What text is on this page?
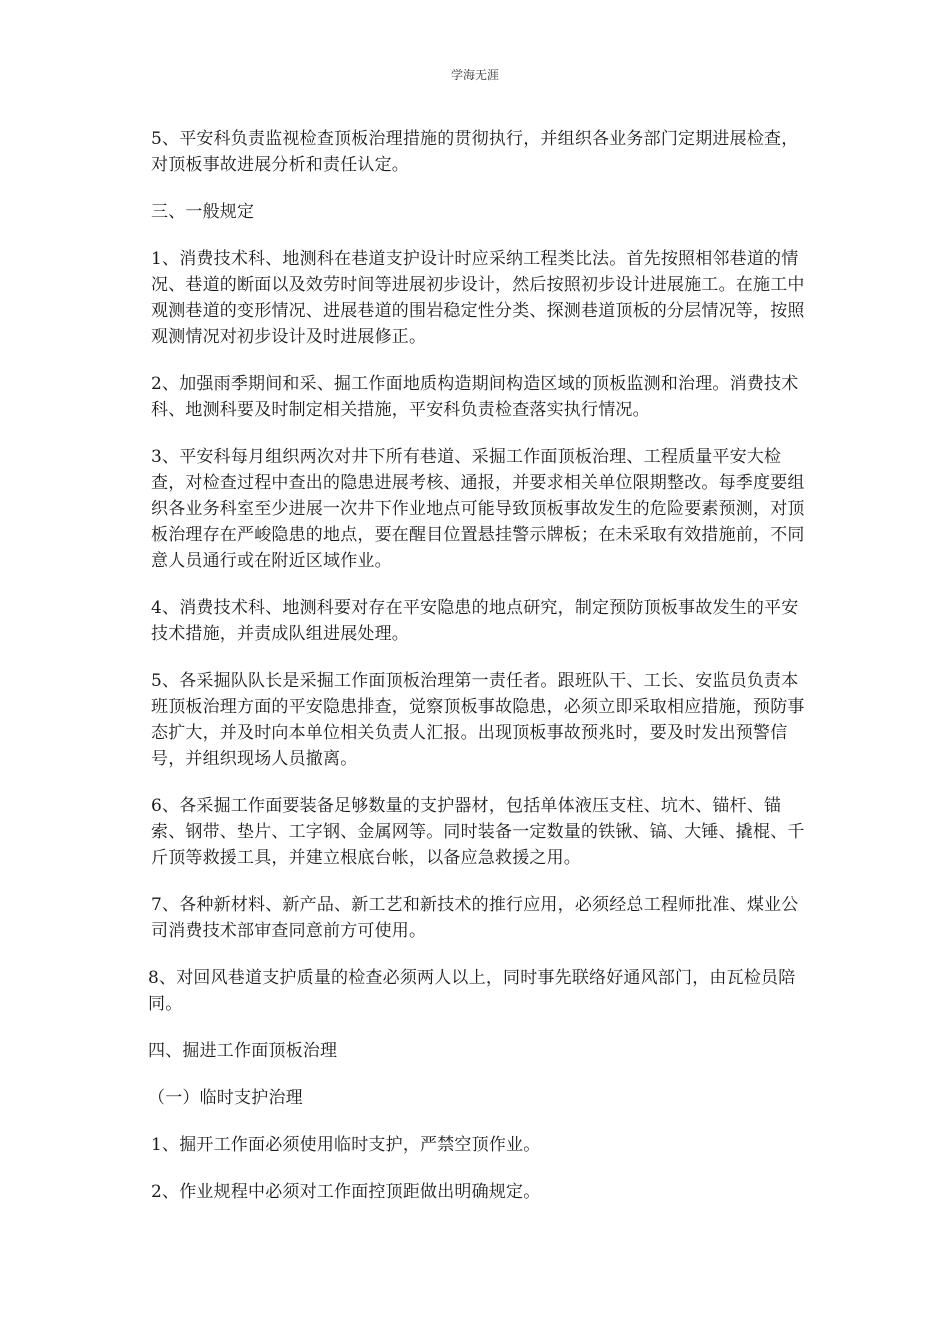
学海无涯

5、平安科负责监视检查顶板治理措施的贯彻执行，并组织各业务部门定期进展检查，对顶板事故进展分析和责任认定。

三、一般规定

1、消费技术科、地测科在巷道支护设计时应采纳工程类比法。首先按照相邻巷道的情况、巷道的断面以及效劳时间等进展初步设计，然后按照初步设计进展施工。在施工中观测巷道的变形情况、进展巷道的围岩稳定性分类、探测巷道顶板的分层情况等，按照观测情况对初步设计及时进展修正。

2、加强雨季期间和采、掘工作面地质构造期间构造区域的顶板监测和治理。消费技术科、地测科要及时制定相关措施，平安科负责检查落实执行情况。

3、平安科每月组织两次对井下所有巷道、采掘工作面顶板治理、工程质量平安大检查，对检查过程中查出的隐患进展考核、通报，并要求相关单位限期整改。每季度要组织各业务科室至少进展一次井下作业地点可能导致顶板事故发生的危险要素预测，对顶板治理存在严峻隐患的地点，要在醒目位置悬挂警示牌板；在未采取有效措施前，不同意人员通行或在附近区域作业。

4、消费技术科、地测科要对存在平安隐患的地点研究，制定预防顶板事故发生的平安技术措施，并责成队组进展处理。

5、各采掘队队长是采掘工作面顶板治理第一责任者。跟班队干、工长、安监员负责本班顶板治理方面的平安隐患排查，觉察顶板事故隐患，必须立即采取相应措施，预防事态扩大，并及时向本单位相关负责人汇报。出现顶板事故预兆时，要及时发出预警信号，并组织现场人员撤离。

6、各采掘工作面要装备足够数量的支护器材，包括单体液压支柱、坑木、锚杆、锚索、钢带、垫片、工字钢、金属网等。同时装备一定数量的铁锹、镐、大锤、撬棍、千斤顶等救援工具，并建立根底台帐，以备应急救援之用。

7、各种新材料、新产品、新工艺和新技术的推行应用，必须经总工程师批准、煤业公司消费技术部审查同意前方可使用。

8、对回风巷道支护质量的检查必须两人以上，同时事先联络好通风部门，由瓦检员陪同。

四、掘进工作面顶板治理

（一）临时支护治理

1、掘开工作面必须使用临时支护，严禁空顶作业。

2、作业规程中必须对工作面控顶距做出明确规定。
